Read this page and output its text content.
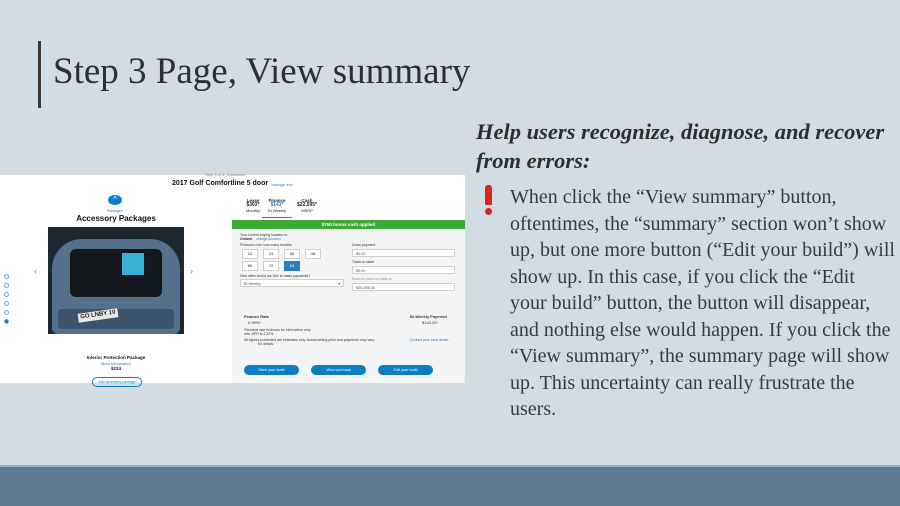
Step 3 Page, View summary
Help users recognize, diagnose, and recover from errors:
When click the “View summary” button, oftentimes, the “summary” section won’t show up, but one more button (“Edit your build”) will show up. In this case, if you click the “Edit your build” button, the button will disappear, and nothing else would happen. If you click the “View summary”, the summary page will show up. This uncertainty can really frustrate the users.
Step 3 of 4: Customize
2017 Golf Comfortline 5 door change trim
^
Packages
Accessory Packages
‹	›
GO LNBY 10
Interior Protection Package
More information
$224
Add accessory package
Lease
$303*
Monthly
Finance
$143*
Bi-Weekly
Cash
$22,595*
MSRP
$750 bonus cash applied
Your current buying location is:
Ontario change location
Financed over how many months
12	24	36	48
60	72	84
How often would you like to make payments?
Bi-Weekly	▾
Down payment
$0.00
Trade-in value
$0.00
Balance owed on trade-in
$25,395.00
Finance Rate
0.99%*
Bi-Weekly Payment
$143.32*
*Nominal rate is shown for information only.
Info: APR is 2.22%
All figures presented are estimates only. Actual selling price and payments may vary.	Contact your local dealer
for details.
Save your build	View summary	Edit your build
